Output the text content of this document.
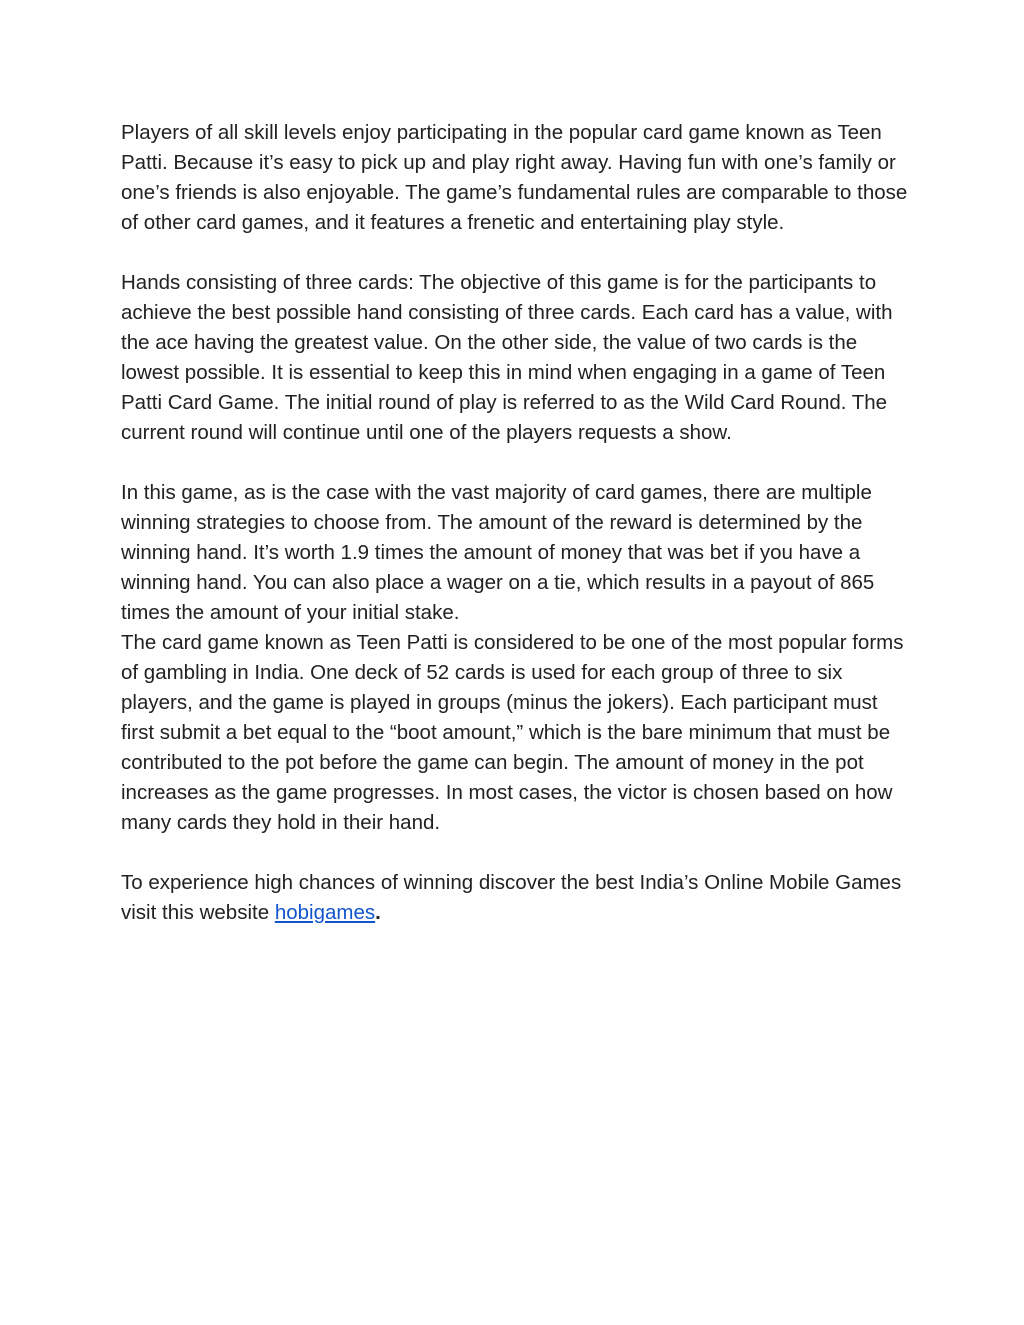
Players of all skill levels enjoy participating in the popular card game known as Teen Patti. Because it’s easy to pick up and play right away. Having fun with one’s family or one’s friends is also enjoyable. The game’s fundamental rules are comparable to those of other card games, and it features a frenetic and entertaining play style.

Hands consisting of three cards: The objective of this game is for the participants to achieve the best possible hand consisting of three cards. Each card has a value, with the ace having the greatest value. On the other side, the value of two cards is the lowest possible. It is essential to keep this in mind when engaging in a game of Teen Patti Card Game. The initial round of play is referred to as the Wild Card Round. The current round will continue until one of the players requests a show.

In this game, as is the case with the vast majority of card games, there are multiple winning strategies to choose from. The amount of the reward is determined by the winning hand. It’s worth 1.9 times the amount of money that was bet if you have a winning hand. You can also place a wager on a tie, which results in a payout of 865 times the amount of your initial stake.

The card game known as Teen Patti is considered to be one of the most popular forms of gambling in India. One deck of 52 cards is used for each group of three to six players, and the game is played in groups (minus the jokers). Each participant must first submit a bet equal to the “boot amount,” which is the bare minimum that must be contributed to the pot before the game can begin. The amount of money in the pot increases as the game progresses. In most cases, the victor is chosen based on how many cards they hold in their hand.

To experience high chances of winning discover the best India’s Online Mobile Games visit this website hobigames.
